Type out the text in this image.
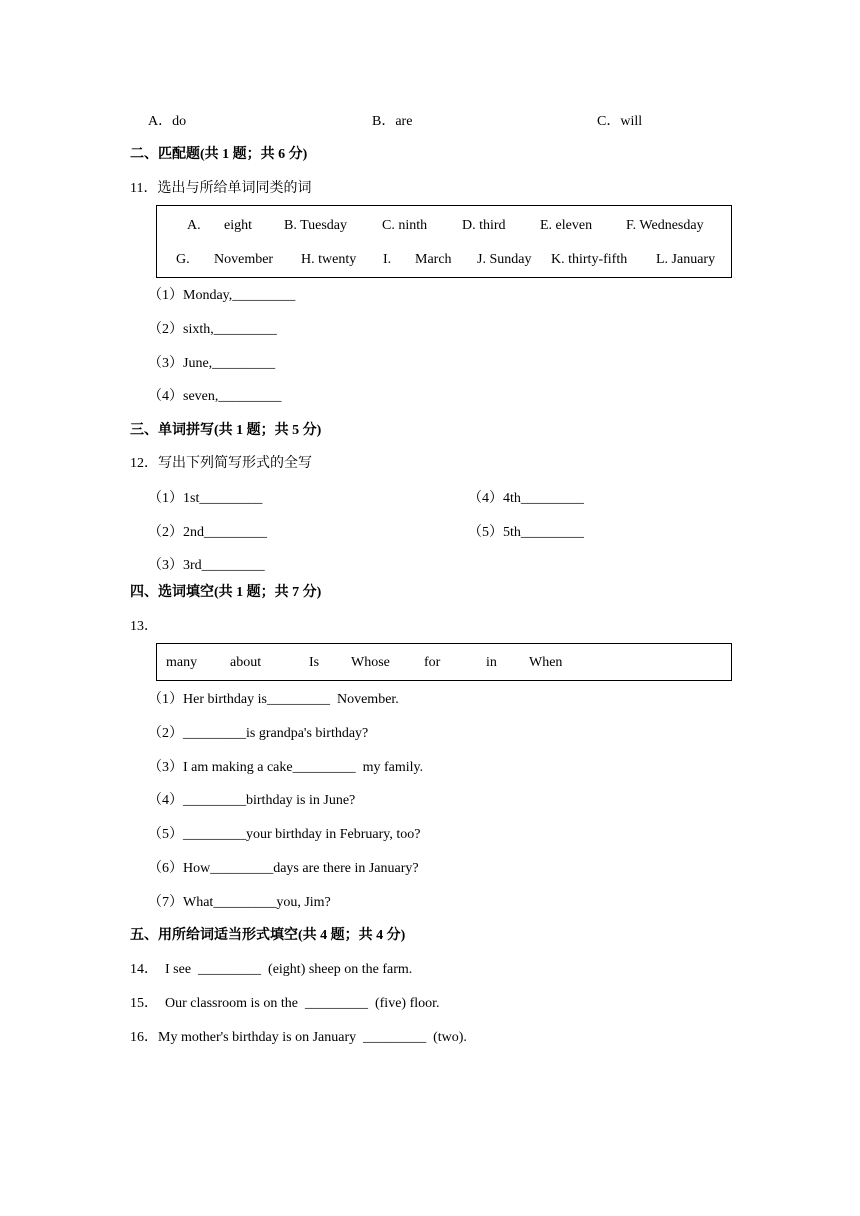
A．do	B．are	C．will
二、匹配题(共 1 题；共 6 分)
11．选出与所给单词同类的词
A. eight B. Tuesday C. ninth D. third E. eleven F. Wednesday
G. November H. twenty I. March J. Sunday K. thirty-fifth L. January
（1）Monday,_________
（2）sixth,_________
（3）June,_________
（4）seven,_________
三、单词拼写(共 1 题；共 5 分)
12．写出下列简写形式的全写
（1）1st_________
（2）2nd_________
（3）3rd_________
（4）4th_________
（5）5th_________
四、选词填空(共 1 题；共 7 分)
13．
many about	Is Whose for	in When
（1）Her birthday is_________  November.
（2）_________is grandpa's birthday?
（3）I am making a cake_________  my family.
（4）_________birthday is in June?
（5）_________your birthday in February, too?
（6）How_________days are there in January?
（7）What_________you, Jim?
五、用所给词适当形式填空(共 4 题；共 4 分)
14．  I see  _________  (eight) sheep on the farm.
15．  Our classroom is on the  _________  (five) floor.
16．My mother's birthday is on January  _________  (two).
